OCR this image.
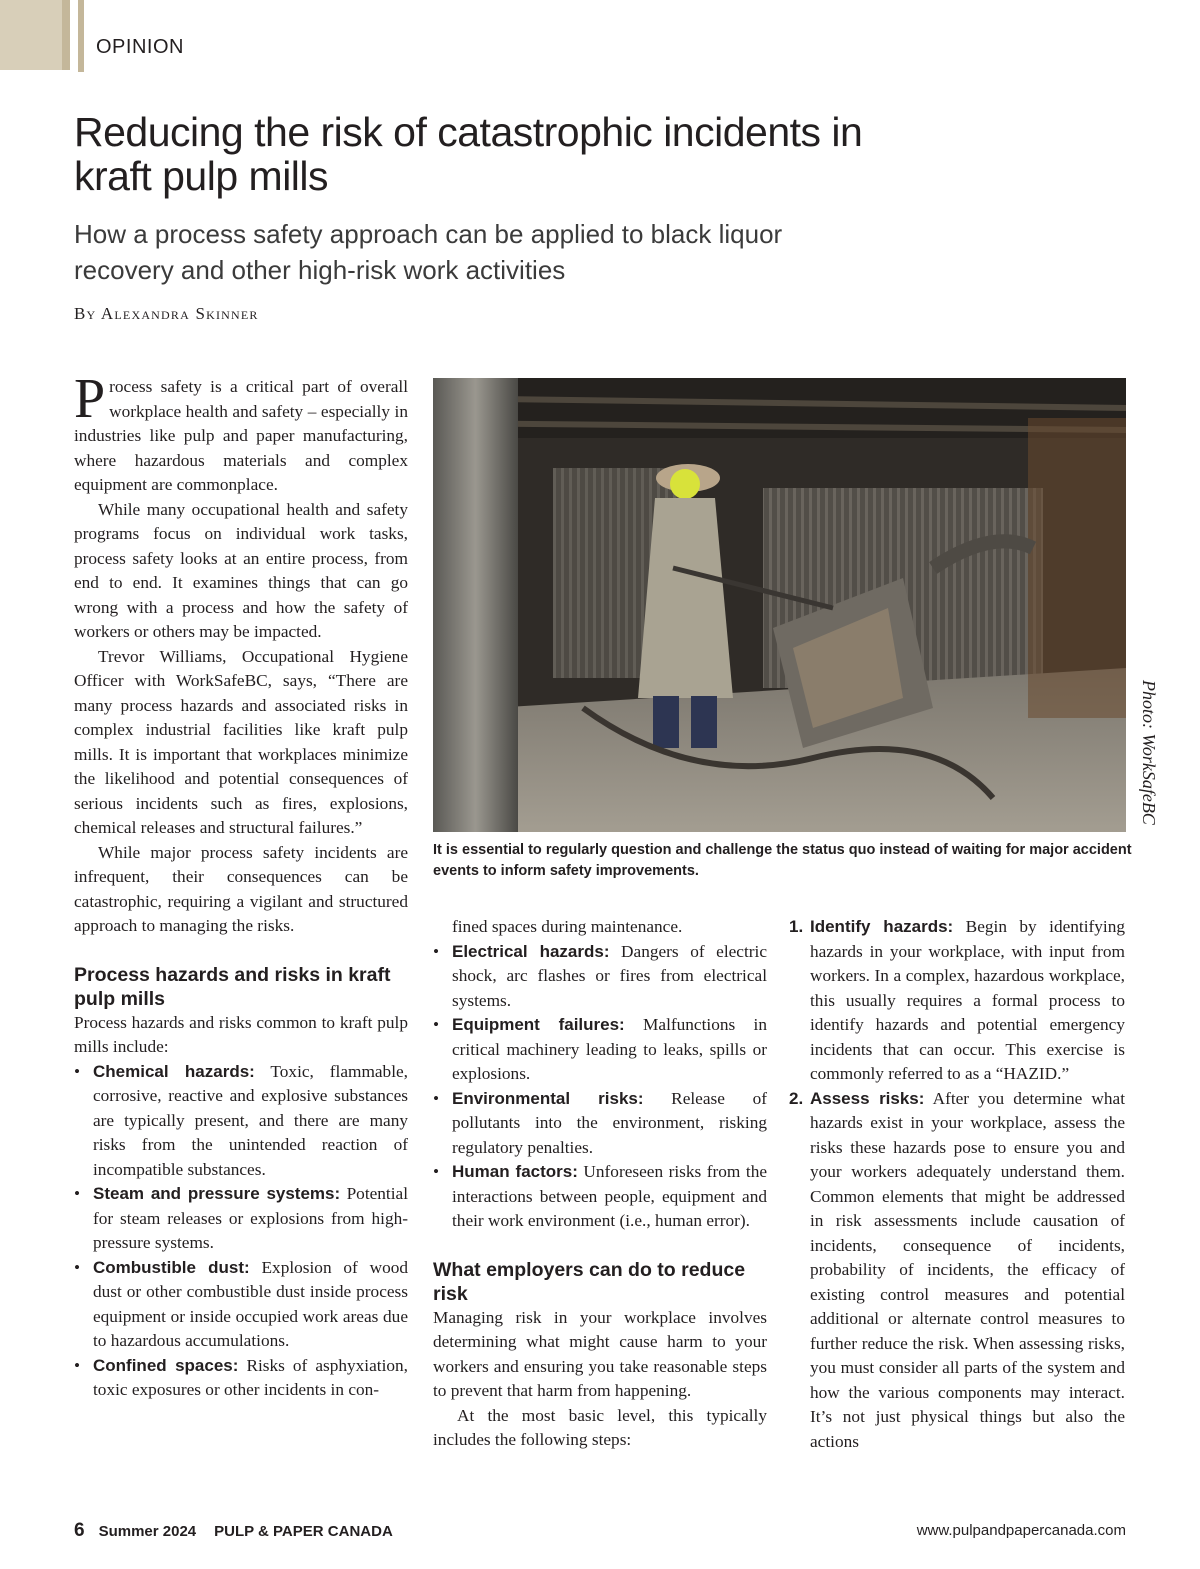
OPINION
Reducing the risk of catastrophic incidents in kraft pulp mills
How a process safety approach can be applied to black liquor recovery and other high-risk work activities
By Alexandra Skinner

Process safety is a critical part of overall workplace health and safety – especially in industries like pulp and paper manufacturing, where hazardous materials and complex equipment are commonplace.

While many occupational health and safety programs focus on individual work tasks, process safety looks at an entire process, from end to end. It examines things that can go wrong with a process and how the safety of workers or others may be impacted.

Trevor Williams, Occupational Hygiene Officer with WorkSafeBC, says, “There are many process hazards and associated risks in complex industrial facilities like kraft pulp mills. It is important that workplaces minimize the likelihood and potential consequences of serious incidents such as fires, explosions, chemical releases and structural failures.”

While major process safety incidents are infrequent, their consequences can be catastrophic, requiring a vigilant and structured approach to managing the risks.

Process hazards and risks in kraft pulp mills

Process hazards and risks common to kraft pulp mills include:

• Chemical hazards: Toxic, flammable, corrosive, reactive and explosive substances are typically present, and there are many risks from the unintended reaction of incompatible substances.
• Steam and pressure systems: Potential for steam releases or explosions from high-pressure systems.
• Combustible dust: Explosion of wood dust or other combustible dust inside process equipment or inside occupied work areas due to hazardous accumulations.
• Confined spaces: Risks of asphyxiation, toxic exposures or other incidents in con-
It is essential to regularly question and challenge the status quo instead of waiting for major accident events to inform safety improvements.
Photo: WorkSafeBC

fined spaces during maintenance.

• Electrical hazards: Dangers of electric shock, arc flashes or fires from electrical systems.
• Equipment failures: Malfunctions in critical machinery leading to leaks, spills or explosions.
• Environmental risks: Release of pollutants into the environment, risking regulatory penalties.
• Human factors: Unforeseen risks from the interactions between people, equipment and their work environment (i.e., human error).
What employers can do to reduce risk

Managing risk in your workplace involves determining what might cause harm to your workers and ensuring you take reasonable steps to prevent that harm from happening.

At the most basic level, this typically includes the following steps:

1. Identify hazards: Begin by identifying hazards in your workplace, with input from workers. In a complex, hazardous workplace, this usually requires a formal process to identify hazards and potential emergency incidents that can occur. This exercise is commonly referred to as a “HAZID.”
2. Assess risks: After you determine what hazards exist in your workplace, assess the risks these hazards pose to ensure you and your workers adequately understand them. Common elements that might be addressed in risk assessments include causation of incidents, consequence of incidents, probability of incidents, the efficacy of existing control measures and potential additional or alternate control measures to further reduce the risk. When assessing risks, you must consider all parts of the system and how the various components may interact. It’s not just physical things but also the actions
6 Summer 2024 PULP & PAPER CANADA	www.pulpandpapercanada.com
